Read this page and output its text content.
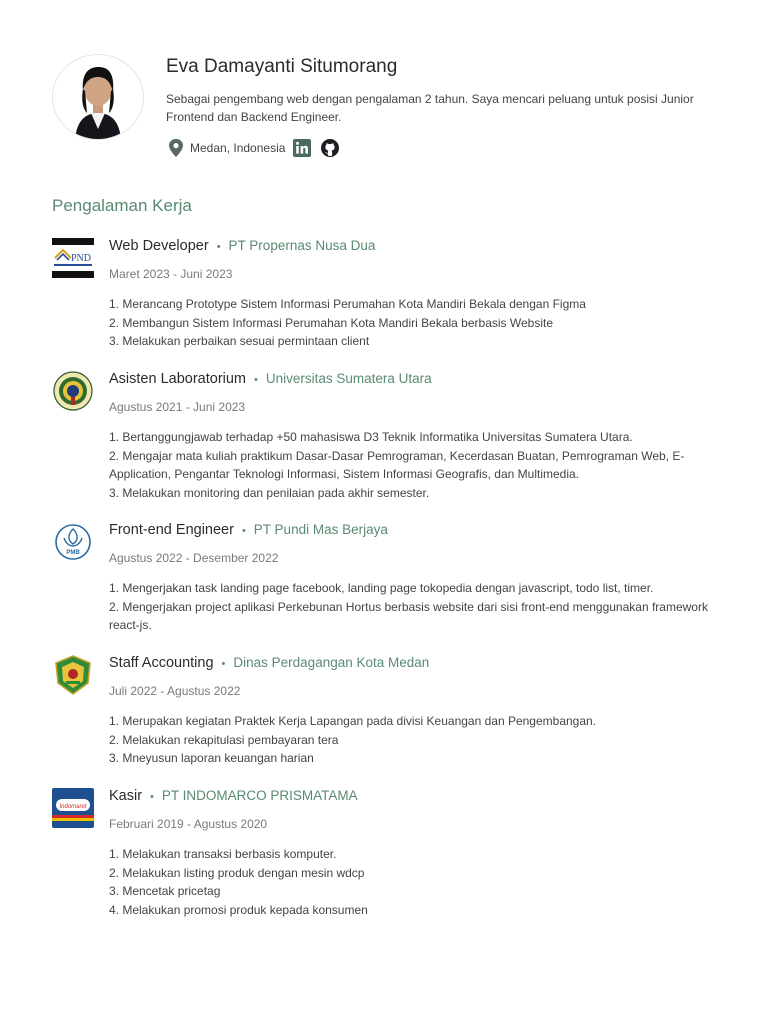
Eva Damayanti Situmorang
Sebagai pengembang web dengan pengalaman 2 tahun. Saya mencari peluang untuk posisi Junior Frontend dan Backend Engineer.
Medan, Indonesia
Pengalaman Kerja
PND
Web Developer • PT Propernas Nusa Dua
Maret 2023 - Juni 2023
1. Merancang Prototype Sistem Informasi Perumahan Kota Mandiri Bekala dengan Figma
2. Membangun Sistem Informasi Perumahan Kota Mandiri Bekala berbasis Website
3. Melakukan perbaikan sesuai permintaan client
Asisten Laboratorium • Universitas Sumatera Utara
Agustus 2021 - Juni 2023
1. Bertanggungjawab terhadap +50 mahasiswa D3 Teknik Informatika Universitas Sumatera Utara.
2. Mengajar mata kuliah praktikum Dasar-Dasar Pemrograman, Kecerdasan Buatan, Pemrograman Web, E-Application, Pengantar Teknologi Informasi, Sistem Informasi Geografis, dan Multimedia.
3. Melakukan monitoring dan penilaian pada akhir semester.
PMB
Front-end Engineer • PT Pundi Mas Berjaya
Agustus 2022 - Desember 2022
1. Mengerjakan task landing page facebook, landing page tokopedia dengan javascript, todo list, timer.
2. Mengerjakan project aplikasi Perkebunan Hortus berbasis website dari sisi front-end menggunakan framework react-js.
Staff Accounting • Dinas Perdagangan Kota Medan
Juli 2022 - Agustus 2022
1. Merupakan kegiatan Praktek Kerja Lapangan pada divisi Keuangan dan Pengembangan.
2. Melakukan rekapitulasi pembayaran tera
3. Mneyusun laporan keuangan harian
Indomaret
Kasir • PT INDOMARCO PRISMATAMA
Februari 2019 - Agustus 2020
1. Melakukan transaksi berbasis komputer.
2. Melakukan listing produk dengan mesin wdcp
3. Mencetak pricetag
4. Melakukan promosi produk kepada konsumen
